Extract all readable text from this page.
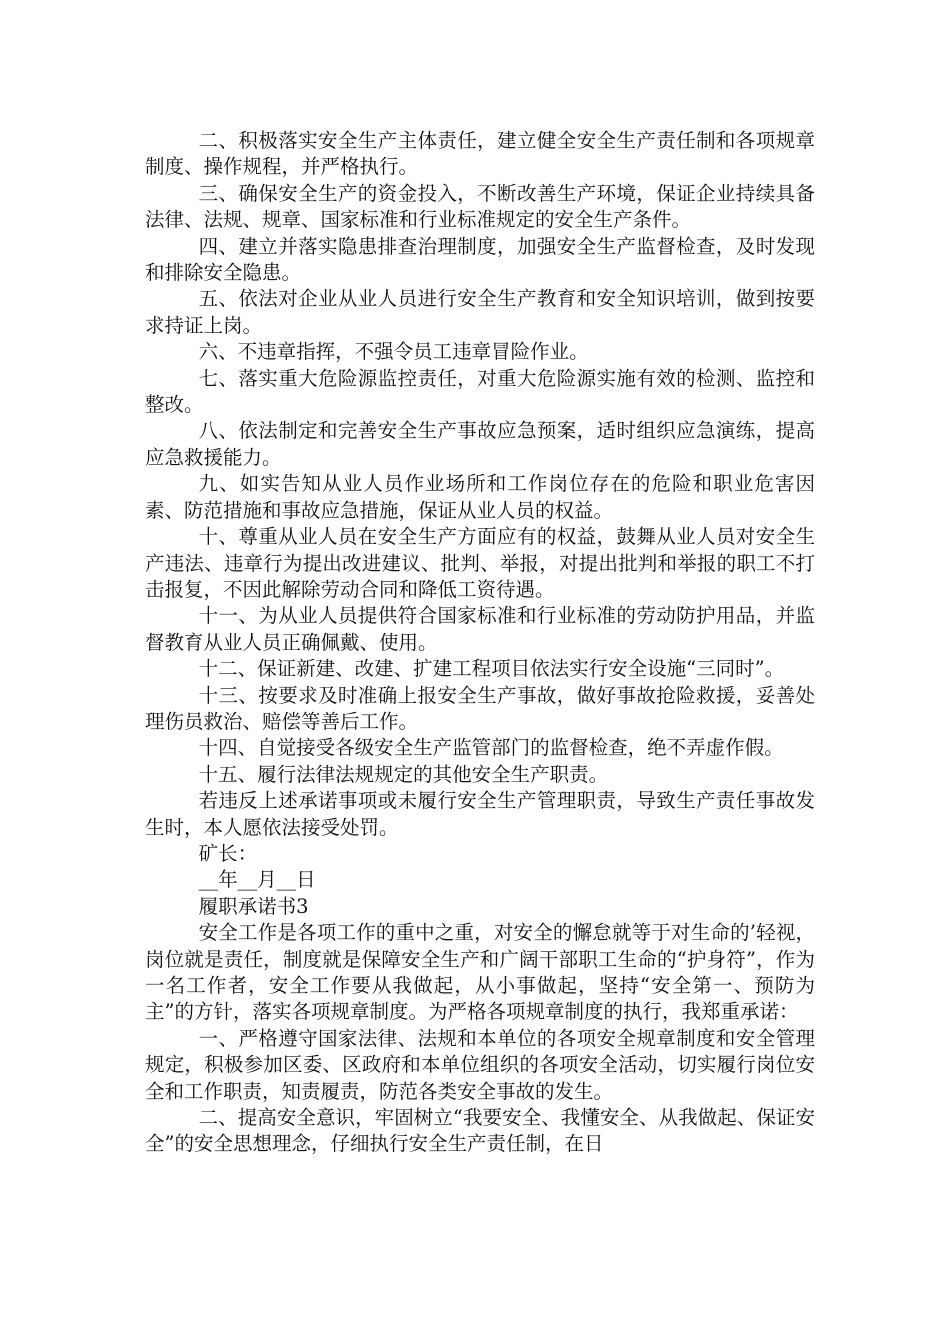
二、积极落实安全生产主体责任，建立健全安全生产责任制和各项规章制度、操作规程，并严格执行。

三、确保安全生产的资金投入，不断改善生产环境，保证企业持续具备法律、法规、规章、国家标准和行业标准规定的安全生产条件。

四、建立并落实隐患排查治理制度，加强安全生产监督检查，及时发现和排除安全隐患。

五、依法对企业从业人员进行安全生产教育和安全知识培训，做到按要求持证上岗。

六、不违章指挥，不强令员工违章冒险作业。

七、落实重大危险源监控责任，对重大危险源实施有效的检测、监控和整改。

八、依法制定和完善安全生产事故应急预案，适时组织应急演练，提高应急救援能力。

九、如实告知从业人员作业场所和工作岗位存在的危险和职业危害因素、防范措施和事故应急措施，保证从业人员的权益。

十、尊重从业人员在安全生产方面应有的权益，鼓舞从业人员对安全生产违法、违章行为提出改进建议、批判、举报，对提出批判和举报的职工不打击报复，不因此解除劳动合同和降低工资待遇。

十一、为从业人员提供符合国家标准和行业标准的劳动防护用品，并监督教育从业人员正确佩戴、使用。

十二、保证新建、改建、扩建工程项目依法实行安全设施“三同时”。

十三、按要求及时准确上报安全生产事故，做好事故抢险救援，妥善处理伤员救治、赔偿等善后工作。

十四、自觉接受各级安全生产监管部门的监督检查，绝不弄虚作假。

十五、履行法律法规规定的其他安全生产职责。

若违反上述承诺事项或未履行安全生产管理职责，导致生产责任事故发生时，本人愿依法接受处罚。

矿长：

__年__月__日

履职承诺书3

安全工作是各项工作的重中之重，对安全的懈怠就等于对生命的’轻视，岗位就是责任，制度就是保障安全生产和广阔干部职工生命的“护身符”，作为一名工作者，安全工作要从我做起，从小事做起，坚持“安全第一、预防为主”的方针，落实各项规章制度。为严格各项规章制度的执行，我郑重承诺：

一、严格遵守国家法律、法规和本单位的各项安全规章制度和安全管理规定，积极参加区委、区政府和本单位组织的各项安全活动，切实履行岗位安全和工作职责，知责履责，防范各类安全事故的发生。

二、提高安全意识，牢固树立“我要安全、我懂安全、从我做起、保证安全”的安全思想理念，仔细执行安全生产责任制，在日
